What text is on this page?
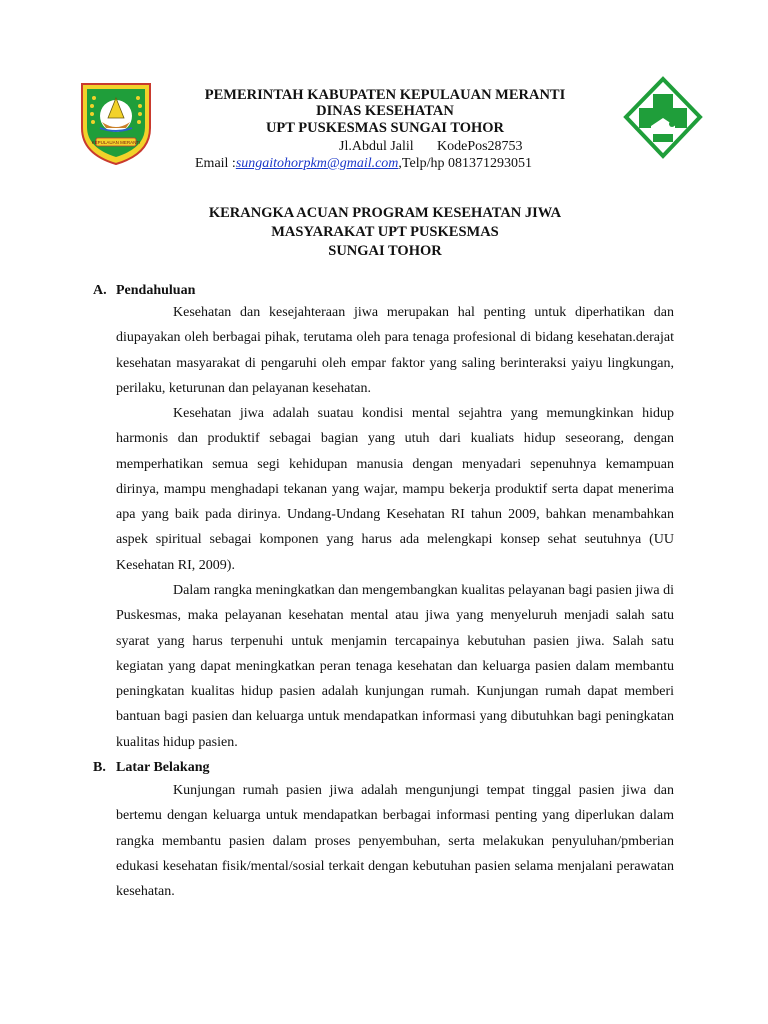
KEPULAUAN MERANTI
PEMERINTAH KABUPATEN KEPULAUAN MERANTI
DINAS KESEHATAN
UPT PUSKESMAS SUNGAI TOHOR
Jl.Abdul Jalil KodePos28753
Email :sungaitohorpkm@gmail.com,Telp/hp 081371293051
KERANGKA ACUAN PROGRAM KESEHATAN JIWA
MASYARAKAT UPT PUSKESMAS
SUNGAI TOHOR
A. Pendahuluan

Kesehatan dan kesejahteraan jiwa merupakan hal penting untuk diperhatikan dan diupayakan oleh berbagai pihak, terutama oleh para tenaga profesional di bidang kesehatan.derajat kesehatan masyarakat di pengaruhi oleh empar faktor yang saling berinteraksi yaiyu lingkungan, perilaku, keturunan dan pelayanan kesehatan.

Kesehatan jiwa adalah suatau kondisi mental sejahtra yang memungkinkan hidup harmonis dan produktif sebagai bagian yang utuh dari kualiats hidup seseorang, dengan memperhatikan semua segi kehidupan manusia dengan menyadari sepenuhnya kemampuan dirinya, mampu menghadapi tekanan yang wajar, mampu bekerja produktif serta dapat menerima apa yang baik pada dirinya. Undang-Undang Kesehatan RI tahun 2009, bahkan menambahkan aspek spiritual sebagai komponen yang harus ada melengkapi konsep sehat seutuhnya (UU Kesehatan RI, 2009).

Dalam rangka meningkatkan dan mengembangkan kualitas pelayanan bagi pasien jiwa di Puskesmas, maka pelayanan kesehatan mental atau jiwa yang menyeluruh menjadi salah satu syarat yang harus terpenuhi untuk menjamin tercapainya kebutuhan pasien jiwa. Salah satu kegiatan yang dapat meningkatkan peran tenaga kesehatan dan keluarga pasien dalam membantu peningkatan kualitas hidup pasien adalah kunjungan rumah. Kunjungan rumah dapat memberi bantuan bagi pasien dan keluarga untuk mendapatkan informasi yang dibutuhkan bagi peningkatan kualitas hidup pasien.

B. Latar Belakang

Kunjungan rumah pasien jiwa adalah mengunjungi tempat tinggal pasien jiwa dan bertemu dengan keluarga untuk mendapatkan berbagai informasi penting yang diperlukan dalam rangka membantu pasien dalam proses penyembuhan, serta melakukan penyuluhan/pmberian edukasi kesehatan fisik/mental/sosial terkait dengan kebutuhan pasien selama menjalani perawatan kesehatan.
